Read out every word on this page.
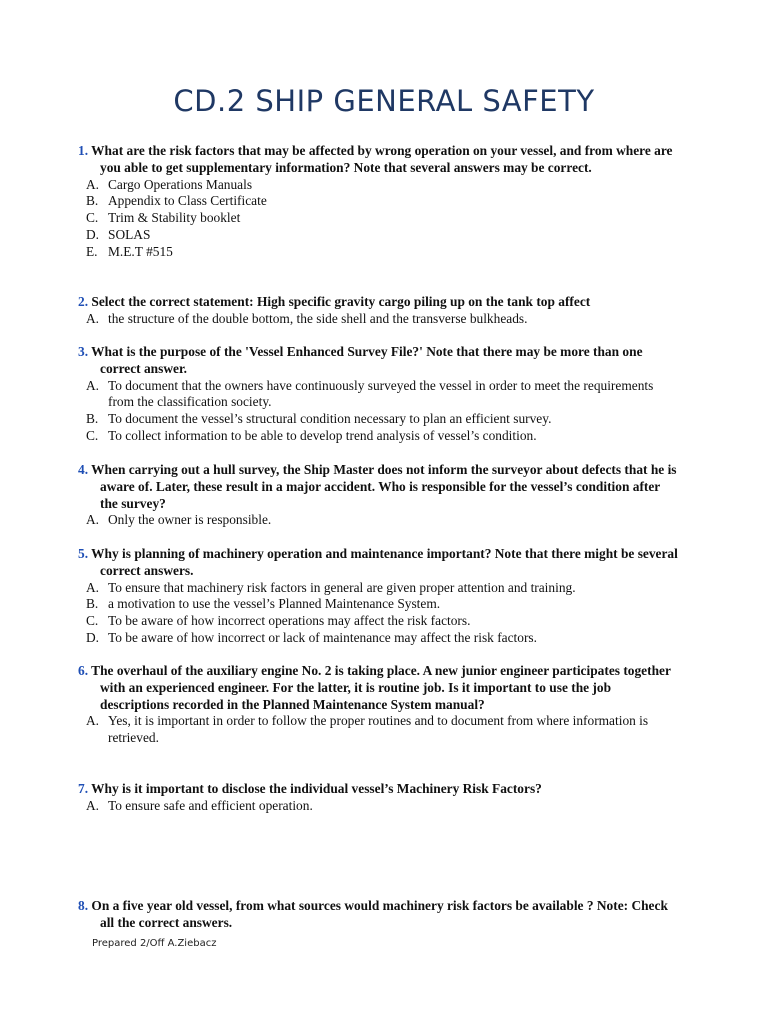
CD.2 SHIP GENERAL SAFETY
1. What are the risk factors that may be affected by wrong operation on your vessel, and from where are you able to get supplementary information? Note that several answers may be correct.
A. Cargo Operations Manuals
B. Appendix to Class Certificate
C. Trim & Stability booklet
D. SOLAS
E. M.E.T #515
2. Select the correct statement: High specific gravity cargo piling up on the tank top affect
A. the structure of the double bottom, the side shell and the transverse bulkheads.
3. What is the purpose of the 'Vessel Enhanced Survey File?' Note that there may be more than one correct answer.
A. To document that the owners have continuously surveyed the vessel in order to meet the requirements from the classification society.
B. To document the vessel’s structural condition necessary to plan an efficient survey.
C. To collect information to be able to develop trend analysis of vessel’s condition.
4. When carrying out a hull survey, the Ship Master does not inform the surveyor about defects that he is aware of. Later, these result in a major accident. Who is responsible for the vessel’s condition after the survey?
A. Only the owner is responsible.
5. Why is planning of machinery operation and maintenance important? Note that there might be several correct answers.
A. To ensure that machinery risk factors in general are given proper attention and training.
B. a motivation to use the vessel’s Planned Maintenance System.
C. To be aware of how incorrect operations may affect the risk factors.
D. To be aware of how incorrect or lack of maintenance may affect the risk factors.
6. The overhaul of the auxiliary engine No. 2 is taking place. A new junior engineer participates together with an experienced engineer. For the latter, it is routine job. Is it important to use the job descriptions recorded in the Planned Maintenance System manual?
A. Yes, it is important in order to follow the proper routines and to document from where information is retrieved.
7. Why is it important to disclose the individual vessel’s Machinery Risk Factors?
A. To ensure safe and efficient operation.
8. On a five year old vessel, from what sources would machinery risk factors be available ? Note: Check all the correct answers.
Prepared 2/Off A.Ziebacz
